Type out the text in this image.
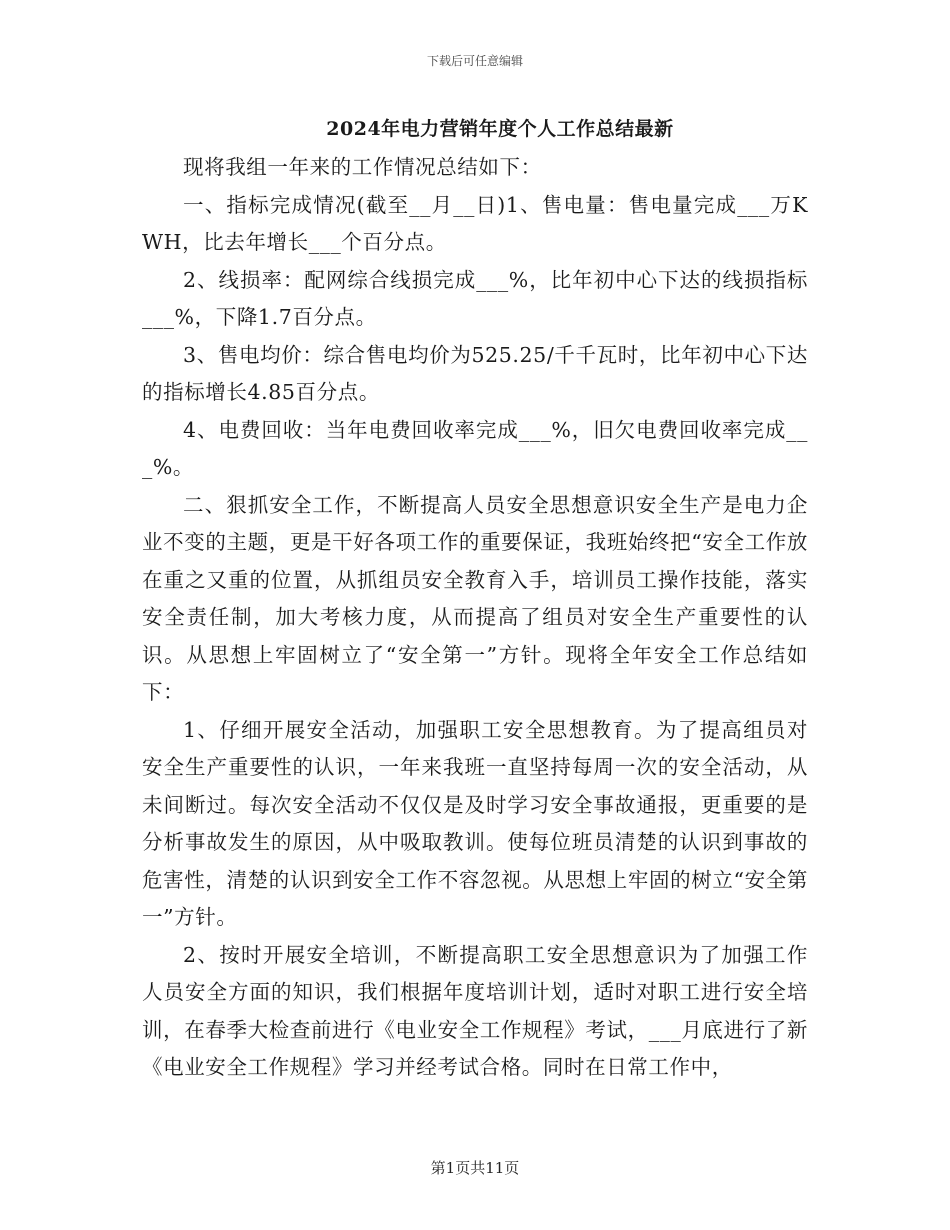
下载后可任意编辑
2024年电力营销年度个人工作总结最新

现将我组一年来的工作情况总结如下：

一、指标完成情况(截至__月__日)1、售电量：售电量完成___万KWH，比去年增长___个百分点。

2、线损率：配网综合线损完成___%，比年初中心下达的线损指标___%，下降1.7百分点。

3、售电均价：综合售电均价为525.25/千千瓦时，比年初中心下达的指标增长4.85百分点。

4、电费回收：当年电费回收率完成___%，旧欠电费回收率完成___%。

二、狠抓安全工作，不断提高人员安全思想意识安全生产是电力企业不变的主题，更是干好各项工作的重要保证，我班始终把“安全工作放在重之又重的位置，从抓组员安全教育入手，培训员工操作技能，落实安全责任制，加大考核力度，从而提高了组员对安全生产重要性的认识。从思想上牢固树立了“安全第一”方针。现将全年安全工作总结如下：

1、仔细开展安全活动，加强职工安全思想教育。为了提高组员对安全生产重要性的认识，一年来我班一直坚持每周一次的安全活动，从未间断过。每次安全活动不仅仅是及时学习安全事故通报，更重要的是分析事故发生的原因，从中吸取教训。使每位班员清楚的认识到事故的危害性，清楚的认识到安全工作不容忽视。从思想上牢固的树立“安全第一”方针。

2、按时开展安全培训，不断提高职工安全思想意识为了加强工作人员安全方面的知识，我们根据年度培训计划，适时对职工进行安全培训，在春季大检查前进行《电业安全工作规程》考试，___月底进行了新《电业安全工作规程》学习并经考试合格。同时在日常工作中，

第1页共11页
